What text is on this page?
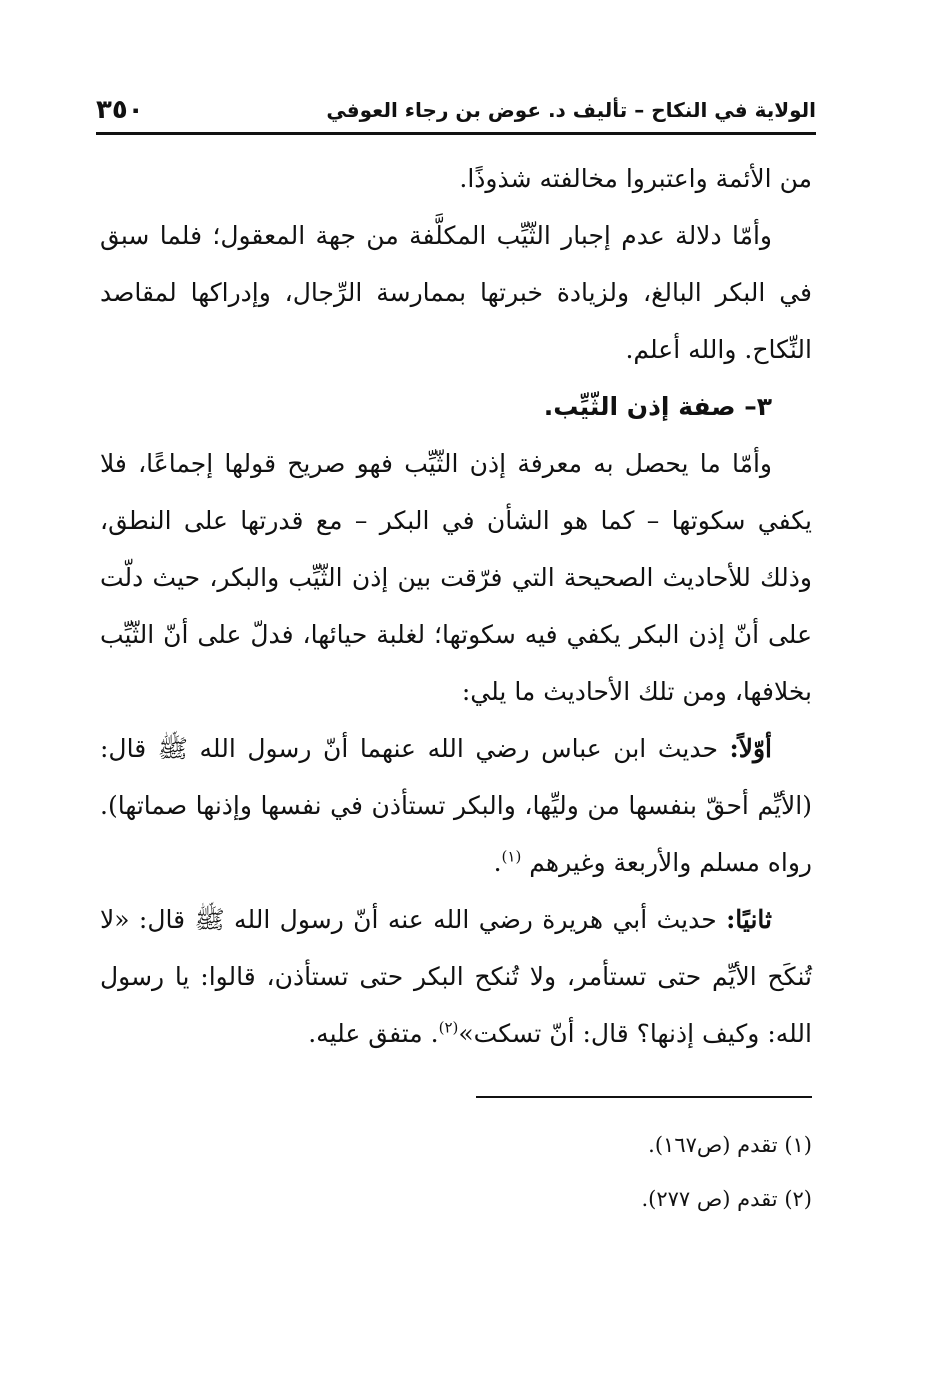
الولاية في النكاح – تأليف د. عوض بن رجاء العوفي
٣٥٠

من الأئمة واعتبروا مخالفته شذوذًا.

وأمّا دلالة عدم إجبار الثّيِّب المكلَّفة من جهة المعقول؛ فلما سبق في البكر البالغ، ولزيادة خبرتها بممارسة الرِّجال، وإدراكها لمقاصد النِّكاح. والله أعلم.

٣– صفة إذن الثّيِّب.

وأمّا ما يحصل به معرفة إذن الثّيِّب فهو صريح قولها إجماعًا، فلا يكفي سكوتها – كما هو الشأن في البكر – مع قدرتها على النطق، وذلك للأحاديث الصحيحة التي فرّقت بين إذن الثّيِّب والبكر، حيث دلّت على أنّ إذن البكر يكفي فيه سكوتها؛ لغلبة حيائها، فدلّ على أنّ الثّيِّب بخلافها، ومن تلك الأحاديث ما يلي:

أوّلاً: حديث ابن عباس رضي الله عنهما أنّ رسول الله ﷺ قال: (الأيِّم أحقّ بنفسها من وليِّها، والبكر تستأذن في نفسها وإذنها صماتها). رواه مسلم والأربعة وغيرهم $^{(١)}$.

ثانيًا: حديث أبي هريرة رضي الله عنه أنّ رسول الله ﷺ قال: «لا تُنكَح الأيِّم حتى تستأمر، ولا تُنكح البكر حتى تستأذن، قالوا: يا رسول الله: وكيف إذنها؟ قال: أنّ تسكت»$^{(٢)}$. متفق عليه.

(١) تقدم (ص١٦٧).

(٢) تقدم (ص ٢٧٧).
